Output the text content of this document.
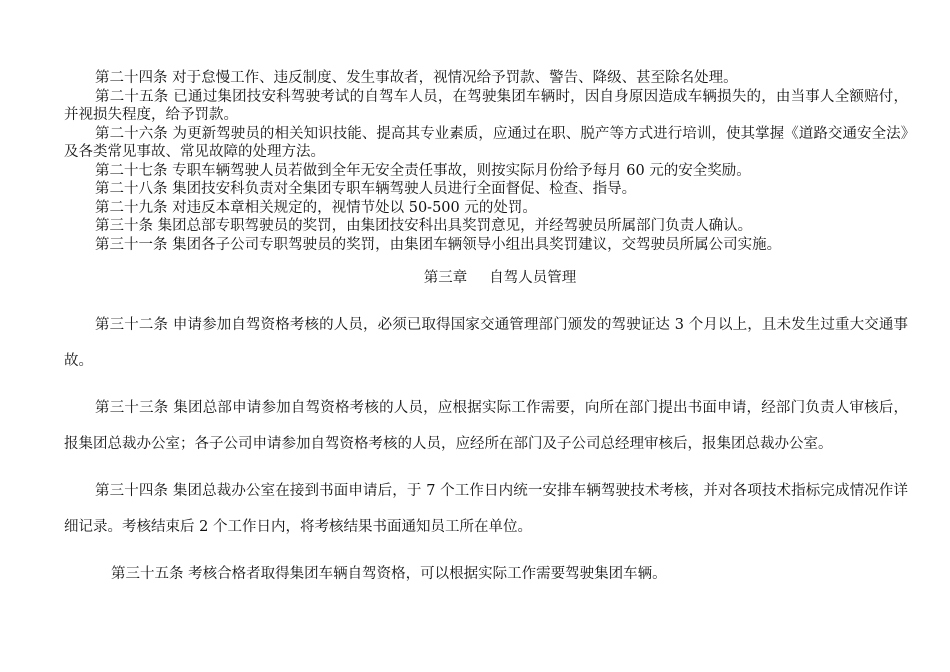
第二十四条 对于怠慢工作、违反制度、发生事故者，视情况给予罚款、警告、降级、甚至除名处理。

第二十五条 已通过集团技安科驾驶考试的自驾车人员，在驾驶集团车辆时，因自身原因造成车辆损失的，由当事人全额赔付，并视损失程度，给予罚款。

第二十六条 为更新驾驶员的相关知识技能、提高其专业素质，应通过在职、脱产等方式进行培训，使其掌握《道路交通安全法》及各类常见事故、常见故障的处理方法。

第二十七条 专职车辆驾驶人员若做到全年无安全责任事故，则按实际月份给予每月 60 元的安全奖励。

第二十八条 集团技安科负责对全集团专职车辆驾驶人员进行全面督促、检查、指导。

第二十九条 对违反本章相关规定的，视情节处以 50-500 元的处罚。

第三十条 集团总部专职驾驶员的奖罚，由集团技安科出具奖罚意见，并经驾驶员所属部门负责人确认。

第三十一条 集团各子公司专职驾驶员的奖罚，由集团车辆领导小组出具奖罚建议，交驾驶员所属公司实施。

第三章 自驾人员管理

第三十二条 申请参加自驾资格考核的人员，必须已取得国家交通管理部门颁发的驾驶证达 3 个月以上，且未发生过重大交通事故。

第三十三条 集团总部申请参加自驾资格考核的人员，应根据实际工作需要，向所在部门提出书面申请，经部门负责人审核后，报集团总裁办公室；各子公司申请参加自驾资格考核的人员，应经所在部门及子公司总经理审核后，报集团总裁办公室。

第三十四条 集团总裁办公室在接到书面申请后，于 7 个工作日内统一安排车辆驾驶技术考核，并对各项技术指标完成情况作详细记录。考核结束后 2 个工作日内，将考核结果书面通知员工所在单位。

第三十五条 考核合格者取得集团车辆自驾资格，可以根据实际工作需要驾驶集团车辆。
